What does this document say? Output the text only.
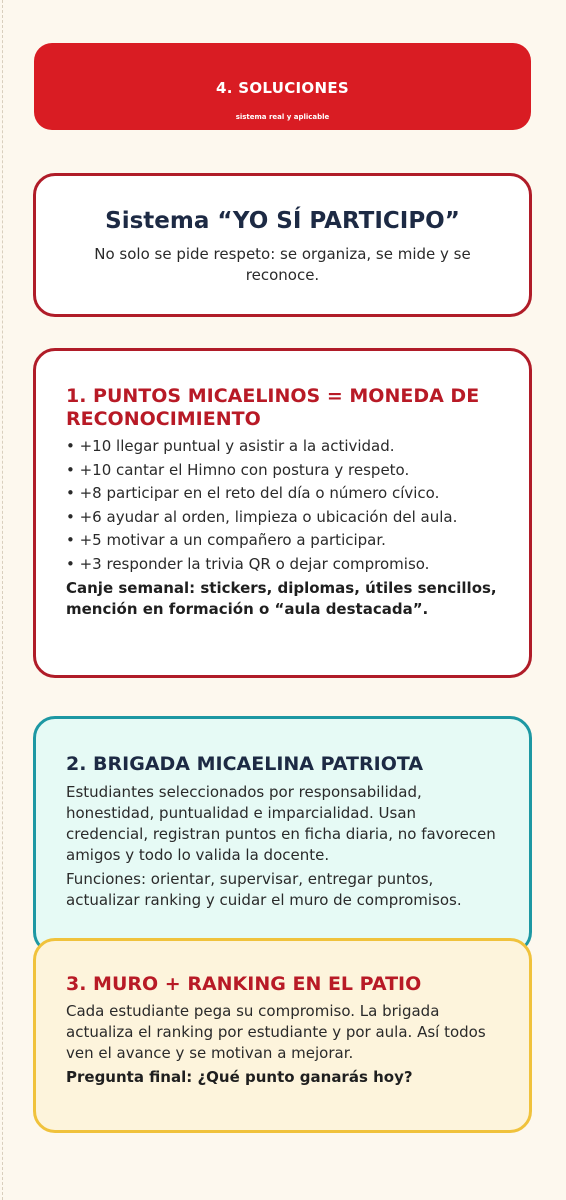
4. SOLUCIONES
sistema real y aplicable
Sistema “YO SÍ PARTICIPO”
No solo se pide respeto: se organiza, se mide y se reconoce.
1. PUNTOS MICAELINOS = MONEDA DE RECONOCIMIENTO
• +10 llegar puntual y asistir a la actividad.
• +10 cantar el Himno con postura y respeto.
• +8 participar en el reto del día o número cívico.
• +6 ayudar al orden, limpieza o ubicación del aula.
• +5 motivar a un compañero a participar.
• +3 responder la trivia QR o dejar compromiso.
Canje semanal: stickers, diplomas, útiles sencillos, mención en formación o “aula destacada”.
2. BRIGADA MICAELINA PATRIOTA
Estudiantes seleccionados por responsabilidad, honestidad, puntualidad e imparcialidad. Usan credencial, registran puntos en ficha diaria, no favorecen amigos y todo lo valida la docente.
Funciones: orientar, supervisar, entregar puntos, actualizar ranking y cuidar el muro de compromisos.
3. MURO + RANKING EN EL PATIO
Cada estudiante pega su compromiso. La brigada actualiza el ranking por estudiante y por aula. Así todos ven el avance y se motivan a mejorar.
Pregunta final: ¿Qué punto ganarás hoy?
